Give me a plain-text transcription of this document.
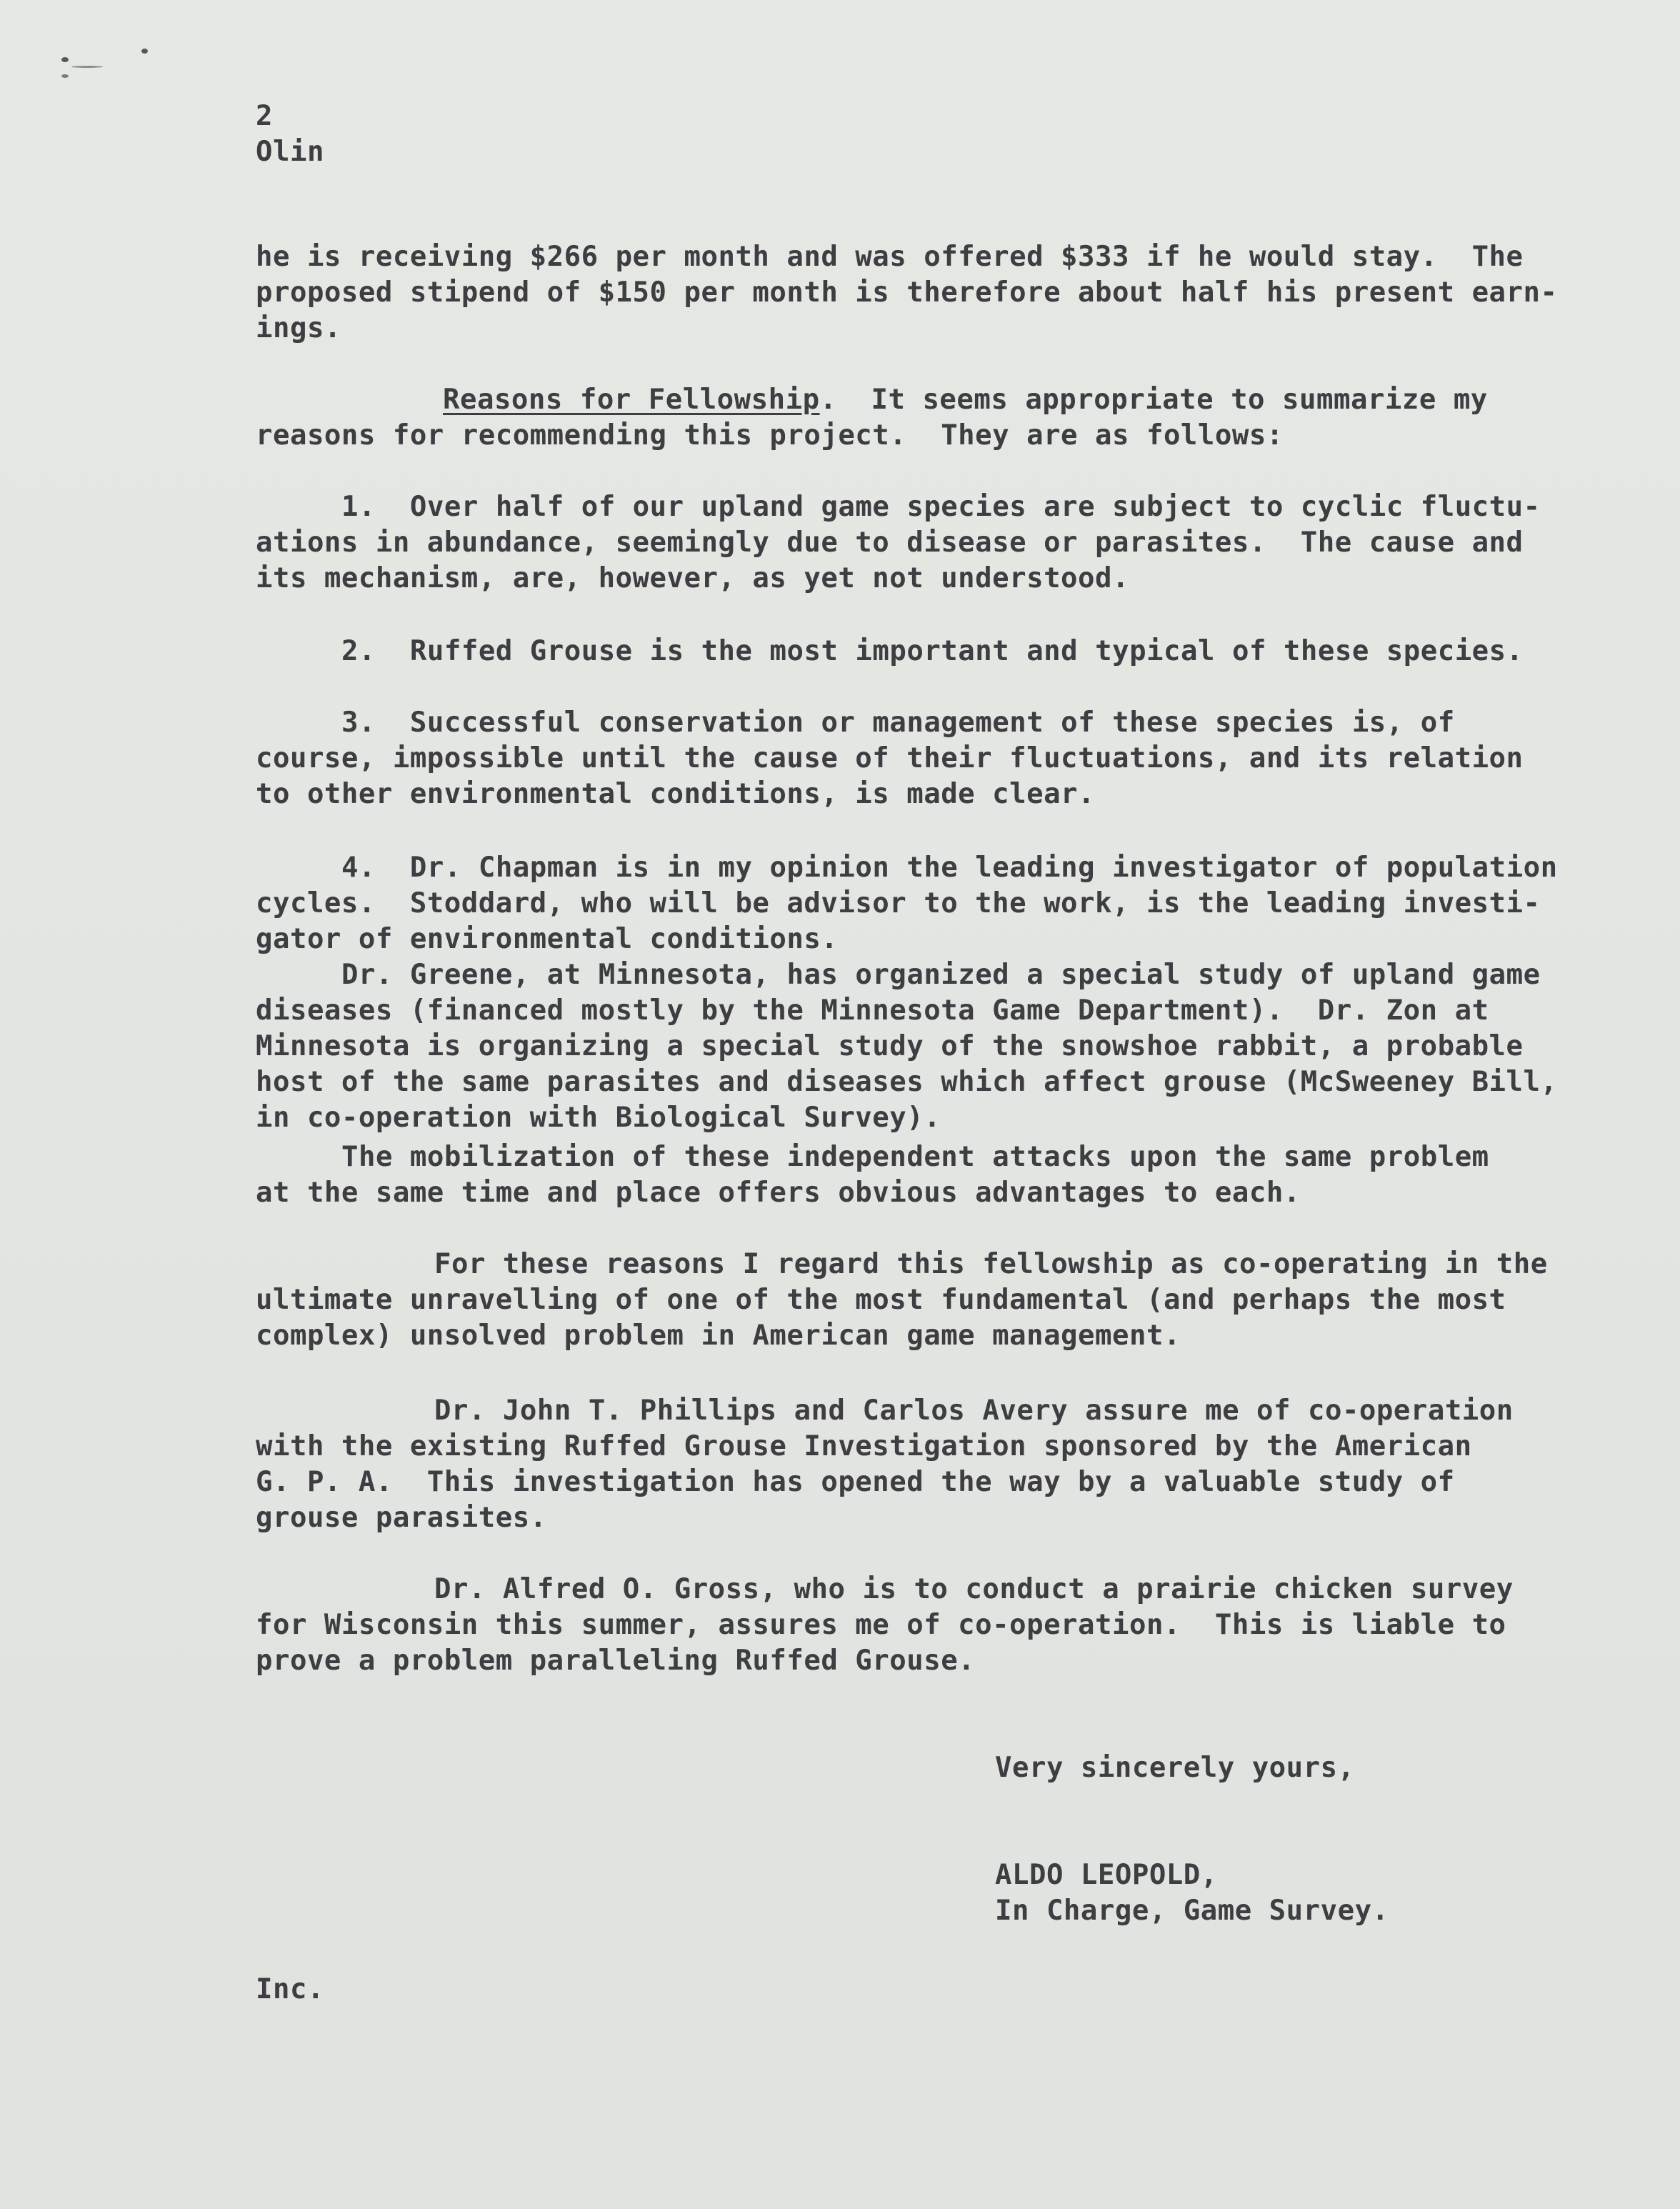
2
Olin
he is receiving $266 per month and was offered $333 if he would stay.  The
proposed stipend of $150 per month is therefore about half his present earn-
ings.
Reasons for Fellowship.  It seems appropriate to summarize my
reasons for recommending this project.  They are as follows:
1.  Over half of our upland game species are subject to cyclic fluctu-
ations in abundance, seemingly due to disease or parasites.  The cause and
its mechanism, are, however, as yet not understood.
2.  Ruffed Grouse is the most important and typical of these species.
3.  Successful conservation or management of these species is, of
course, impossible until the cause of their fluctuations, and its relation
to other environmental conditions, is made clear.
4.  Dr. Chapman is in my opinion the leading investigator of population
cycles.  Stoddard, who will be advisor to the work, is the leading investi-
gator of environmental conditions.
Dr. Greene, at Minnesota, has organized a special study of upland game
diseases (financed mostly by the Minnesota Game Department).  Dr. Zon at
Minnesota is organizing a special study of the snowshoe rabbit, a probable
host of the same parasites and diseases which affect grouse (McSweeney Bill,
in co-operation with Biological Survey).
The mobilization of these independent attacks upon the same problem
at the same time and place offers obvious advantages to each.
For these reasons I regard this fellowship as co-operating in the
ultimate unravelling of one of the most fundamental (and perhaps the most
complex) unsolved problem in American game management.
Dr. John T. Phillips and Carlos Avery assure me of co-operation
with the existing Ruffed Grouse Investigation sponsored by the American
G. P. A.  This investigation has opened the way by a valuable study of
grouse parasites.
Dr. Alfred O. Gross, who is to conduct a prairie chicken survey
for Wisconsin this summer, assures me of co-operation.  This is liable to
prove a problem paralleling Ruffed Grouse.
Very sincerely yours,
ALDO LEOPOLD,
In Charge, Game Survey.
Inc.
